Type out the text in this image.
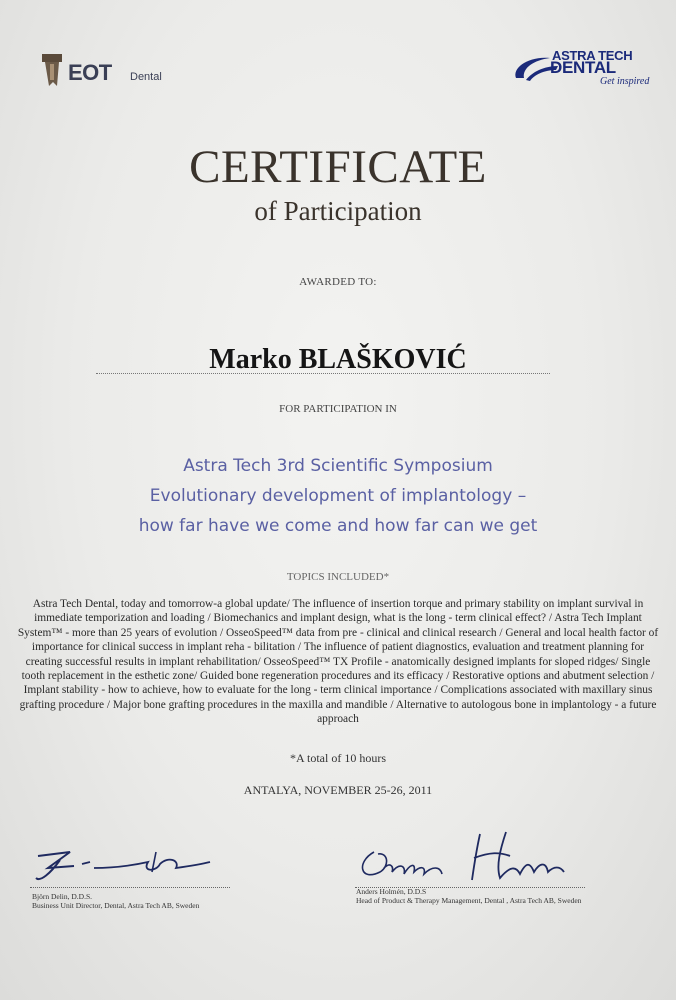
EOT Dental
ASTRA TECH
DENTAL
Get inspired
CERTIFICATE
of Participation
AWARDED TO:
Marko BLAŠKOVIĆ
FOR PARTICIPATION IN
Astra Tech 3rd Scientific Symposium
Evolutionary development of implantology –
how far have we come and how far can we get
TOPICS INCLUDED*
Astra Tech Dental, today and tomorrow-a global update/ The influence of insertion torque and primary stability on implant survival in immediate temporization and loading / Biomechanics and implant design, what is the long - term clinical effect? / Astra Tech Implant System™ - more than 25 years of evolution / OsseoSpeed™ data from pre - clinical and clinical research / General and local health factor of importance for clinical success in implant reha - bilitation / The influence of patient diagnostics, evaluation and treatment planning for creating successful results in implant rehabilitation/ OsseoSpeed™ TX Profile - anatomically designed implants for sloped ridges/ Single tooth replacement in the esthetic zone/ Guided bone regeneration procedures and its efficacy / Restorative options and abutment selection / Implant stability - how to achieve, how to evaluate for the long - term clinical importance / Complications associated with maxillary sinus grafting procedure / Major bone grafting procedures in the maxilla and mandible / Alternative to autologous bone in implantology - a future approach
*A total of 10 hours
ANTALYA, NOVEMBER 25-26, 2011
Björn Delin, D.D.S.
Business Unit Director, Dental, Astra Tech AB, Sweden
Anders Holmén, D.D.S
Head of Product & Therapy Management, Dental , Astra Tech AB, Sweden
